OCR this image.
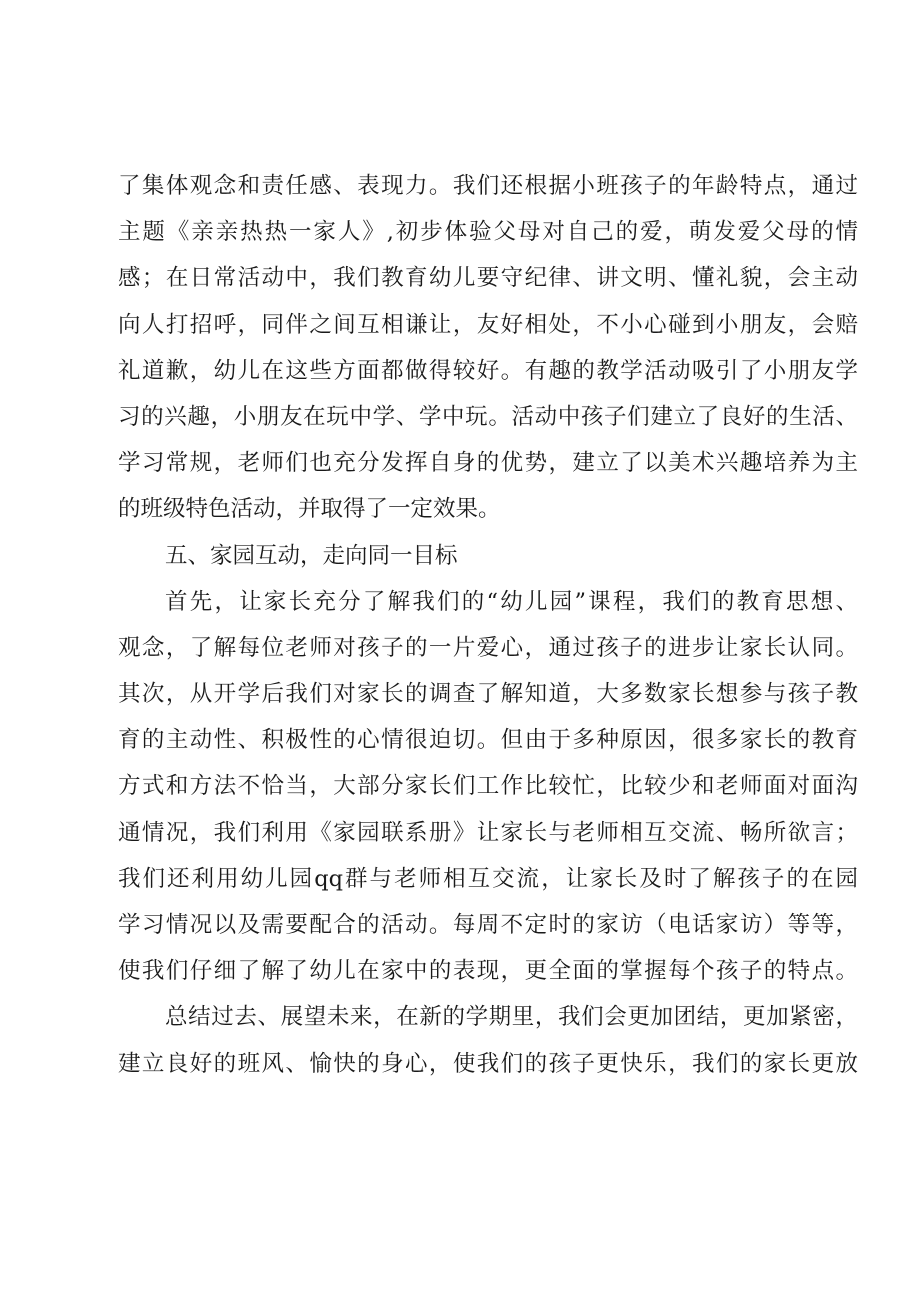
了集体观念和责任感、表现力。我们还根据小班孩子的年龄特点，通过
主题《亲亲热热一家人》,初步体验父母对自己的爱，萌发爱父母的情
感；在日常活动中，我们教育幼儿要守纪律、讲文明、懂礼貌，会主动
向人打招呼，同伴之间互相谦让，友好相处，不小心碰到小朋友，会赔
礼道歉，幼儿在这些方面都做得较好。有趣的教学活动吸引了小朋友学
习的兴趣，小朋友在玩中学、学中玩。活动中孩子们建立了良好的生活、
学习常规，老师们也充分发挥自身的优势，建立了以美术兴趣培养为主
的班级特色活动，并取得了一定效果。
五、家园互动，走向同一目标
首先，让家长充分了解我们的“幼儿园”课程，我们的教育思想、
观念，了解每位老师对孩子的一片爱心，通过孩子的进步让家长认同。
其次，从开学后我们对家长的调查了解知道，大多数家长想参与孩子教
育的主动性、积极性的心情很迫切。但由于多种原因，很多家长的教育
方式和方法不恰当，大部分家长们工作比较忙，比较少和老师面对面沟
通情况，我们利用《家园联系册》让家长与老师相互交流、畅所欲言；
我们还利用幼儿园qq群与老师相互交流，让家长及时了解孩子的在园
学习情况以及需要配合的活动。每周不定时的家访（电话家访）等等，
使我们仔细了解了幼儿在家中的表现，更全面的掌握每个孩子的特点。
总结过去、展望未来，在新的学期里，我们会更加团结，更加紧密，
建立良好的班风、愉快的身心，使我们的孩子更快乐，我们的家长更放
